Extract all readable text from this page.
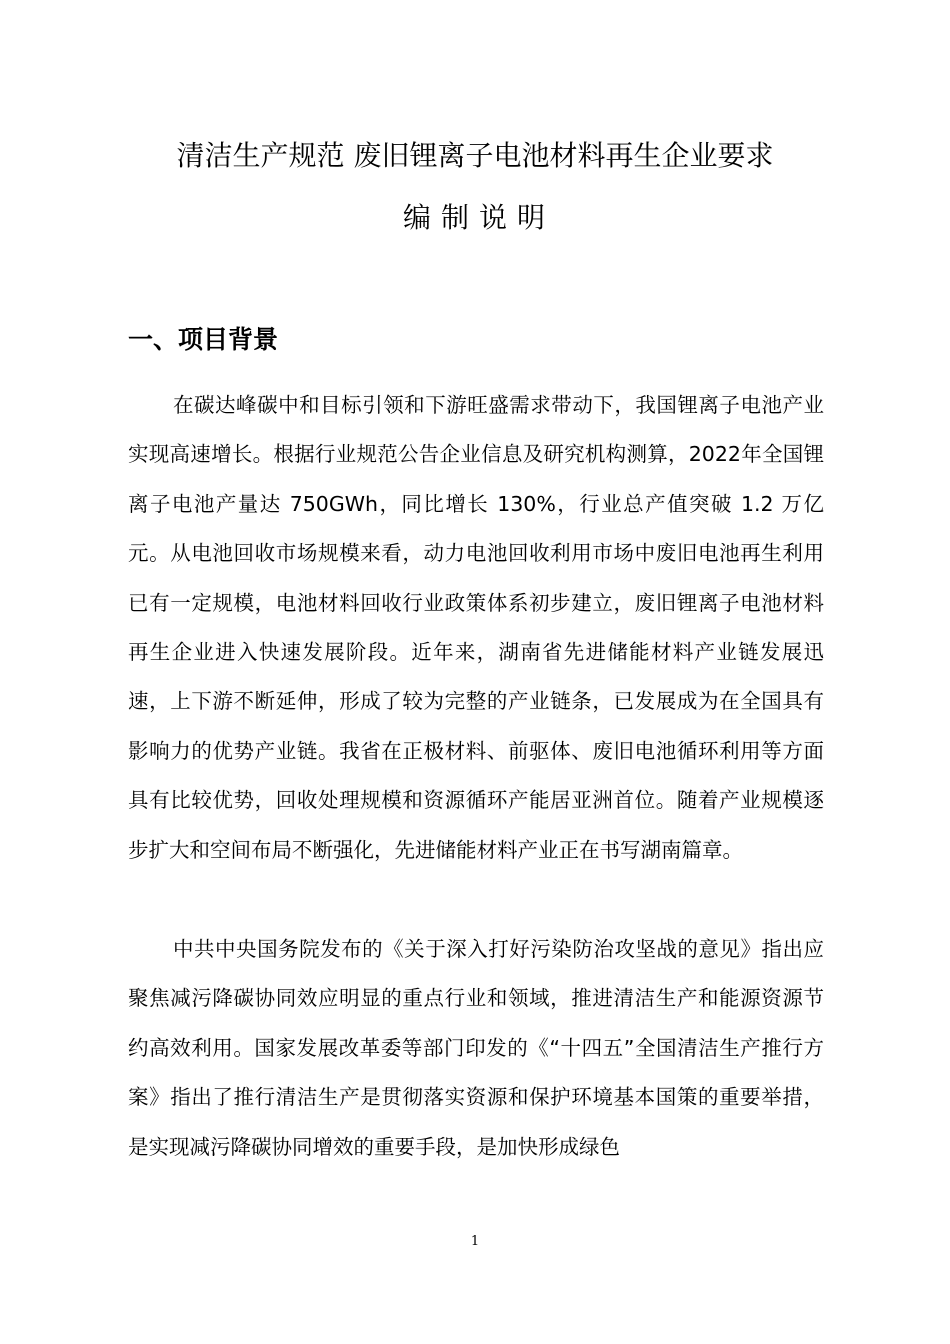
清洁生产规范 废旧锂离子电池材料再生企业要求
编制说明
一、项目背景

在碳达峰碳中和目标引领和下游旺盛需求带动下，我国锂离子电池产业实现高速增长。根据行业规范公告企业信息及研究机构测算，2022年全国锂离子电池产量达 750GWh，同比增长 130%，行业总产值突破 1.2 万亿元。从电池回收市场规模来看，动力电池回收利用市场中废旧电池再生利用已有一定规模，电池材料回收行业政策体系初步建立，废旧锂离子电池材料再生企业进入快速发展阶段。近年来，湖南省先进储能材料产业链发展迅速，上下游不断延伸，形成了较为完整的产业链条，已发展成为在全国具有影响力的优势产业链。我省在正极材料、前驱体、废旧电池循环利用等方面具有比较优势，回收处理规模和资源循环产能居亚洲首位。随着产业规模逐步扩大和空间布局不断强化，先进储能材料产业正在书写湖南篇章。

中共中央国务院发布的《关于深入打好污染防治攻坚战的意见》指出应聚焦减污降碳协同效应明显的重点行业和领域，推进清洁生产和能源资源节约高效利用。国家发展改革委等部门印发的《“十四五”全国清洁生产推行方案》指出了推行清洁生产是贯彻落实资源和保护环境基本国策的重要举措，是实现减污降碳协同增效的重要手段，是加快形成绿色

1
